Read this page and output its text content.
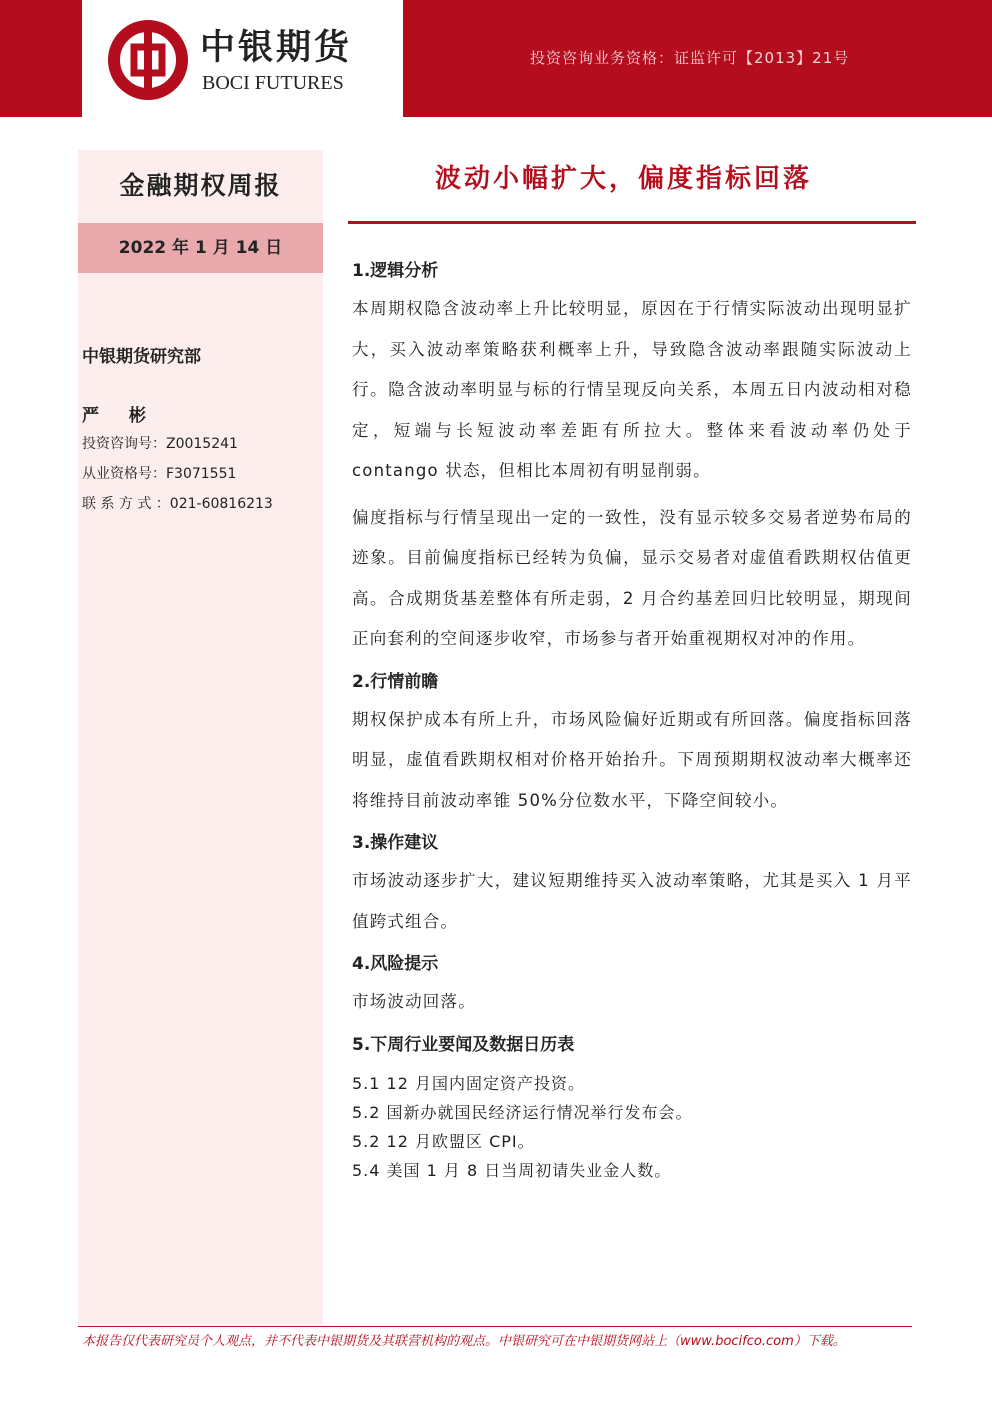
投资咨询业务资格：证监许可【2013】21号
中银期货
BOCI FUTURES
金融期权周报
2022 年 1 月 14 日
中银期货研究部
严 彬
投资咨询号：Z0015241
从业资格号：F3071551
联 系 方 式 ：021-60816213
波动小幅扩大，偏度指标回落
1.逻辑分析

本周期权隐含波动率上升比较明显，原因在于行情实际波动出现明显扩大，买入波动率策略获利概率上升，导致隐含波动率跟随实际波动上行。隐含波动率明显与标的行情呈现反向关系，本周五日内波动相对稳定，短端与长短波动率差距有所拉大。整体来看波动率仍处于 contango 状态，但相比本周初有明显削弱。

偏度指标与行情呈现出一定的一致性，没有显示较多交易者逆势布局的迹象。目前偏度指标已经转为负偏，显示交易者对虚值看跌期权估值更高。合成期货基差整体有所走弱，2 月合约基差回归比较明显，期现间正向套利的空间逐步收窄，市场参与者开始重视期权对冲的作用。

2.行情前瞻

期权保护成本有所上升，市场风险偏好近期或有所回落。偏度指标回落明显，虚值看跌期权相对价格开始抬升。下周预期期权波动率大概率还将维持目前波动率锥 50%分位数水平，下降空间较小。

3.操作建议

市场波动逐步扩大，建议短期维持买入波动率策略，尤其是买入 1 月平值跨式组合。

4.风险提示

市场波动回落。

5.下周行业要闻及数据日历表

5.1 12 月国内固定资产投资。

5.2 国新办就国民经济运行情况举行发布会。

5.2 12 月欧盟区 CPI。

5.4 美国 1 月 8 日当周初请失业金人数。

本报告仅代表研究员个人观点，并不代表中银期货及其联营机构的观点。中银研究可在中银期货网站上（www.bocifco.com）下载。
